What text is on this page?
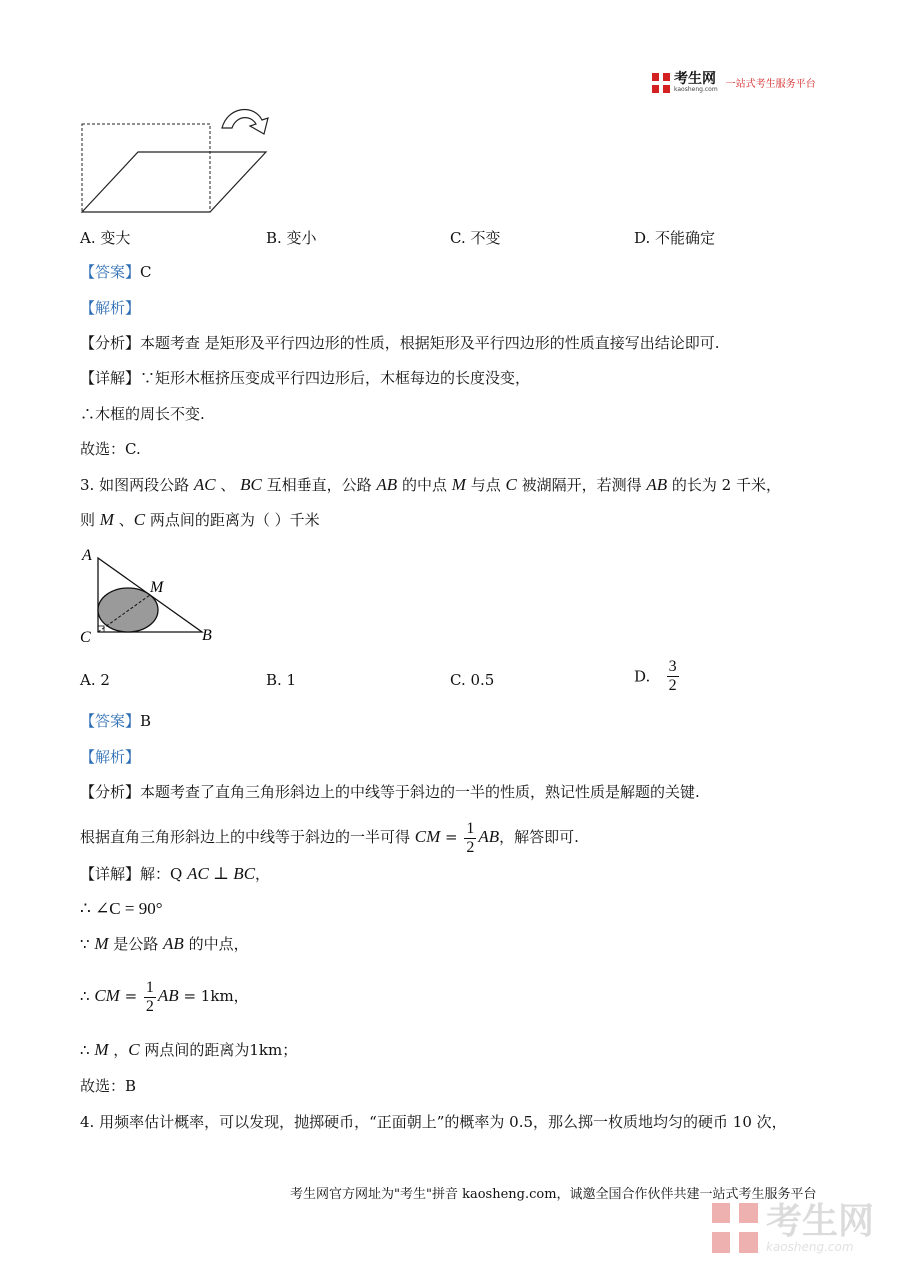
考生网
kaosheng.com 一站式考生服务平台
A. 变大	B. 变小	C. 不变	D. 不能确定
【答案】C
【解析】
【分析】本题考查 是矩形及平行四边形的性质，根据矩形及平行四边形的性质直接写出结论即可.
【详解】∵矩形木框挤压变成平行四边形后，木框每边的长度没变，
∴木框的周长不变.
故选：C.
3. 如图两段公路 AC 、 BC 互相垂直，公路 AB 的中点 M 与点 C 被湖隔开，若测得 AB 的长为 2 千米，
则 M 、C 两点间的距离为（ ）千米
A
M
C	B
A. 2	B. 1	C. 0.5	D. $\frac{3}{2}$
【答案】B
【解析】
【分析】本题考查了直角三角形斜边上的中线等于斜边的一半的性质，熟记性质是解题的关键.
根据直角三角形斜边上的中线等于斜边的一半可得 CM = $\frac{1}{2}$ AB，解答即可.
【详解】解：Q AC ⊥ BC，
∴ ∠C = 90°
∵ M 是公路 AB 的中点，
∴ CM = $\frac{1}{2}$ AB = 1km，
∴ M ，C 两点间的距离为1km；
故选：B
4. 用频率估计概率，可以发现，抛掷硬币，“正面朝上”的概率为 0.5，那么掷一枚质地均匀的硬币 10 次，
考生网官方网址为"考生"拼音 kaosheng.com，诚邀全国合作伙伴共建一站式考生服务平台
考生网
kaosheng.com
